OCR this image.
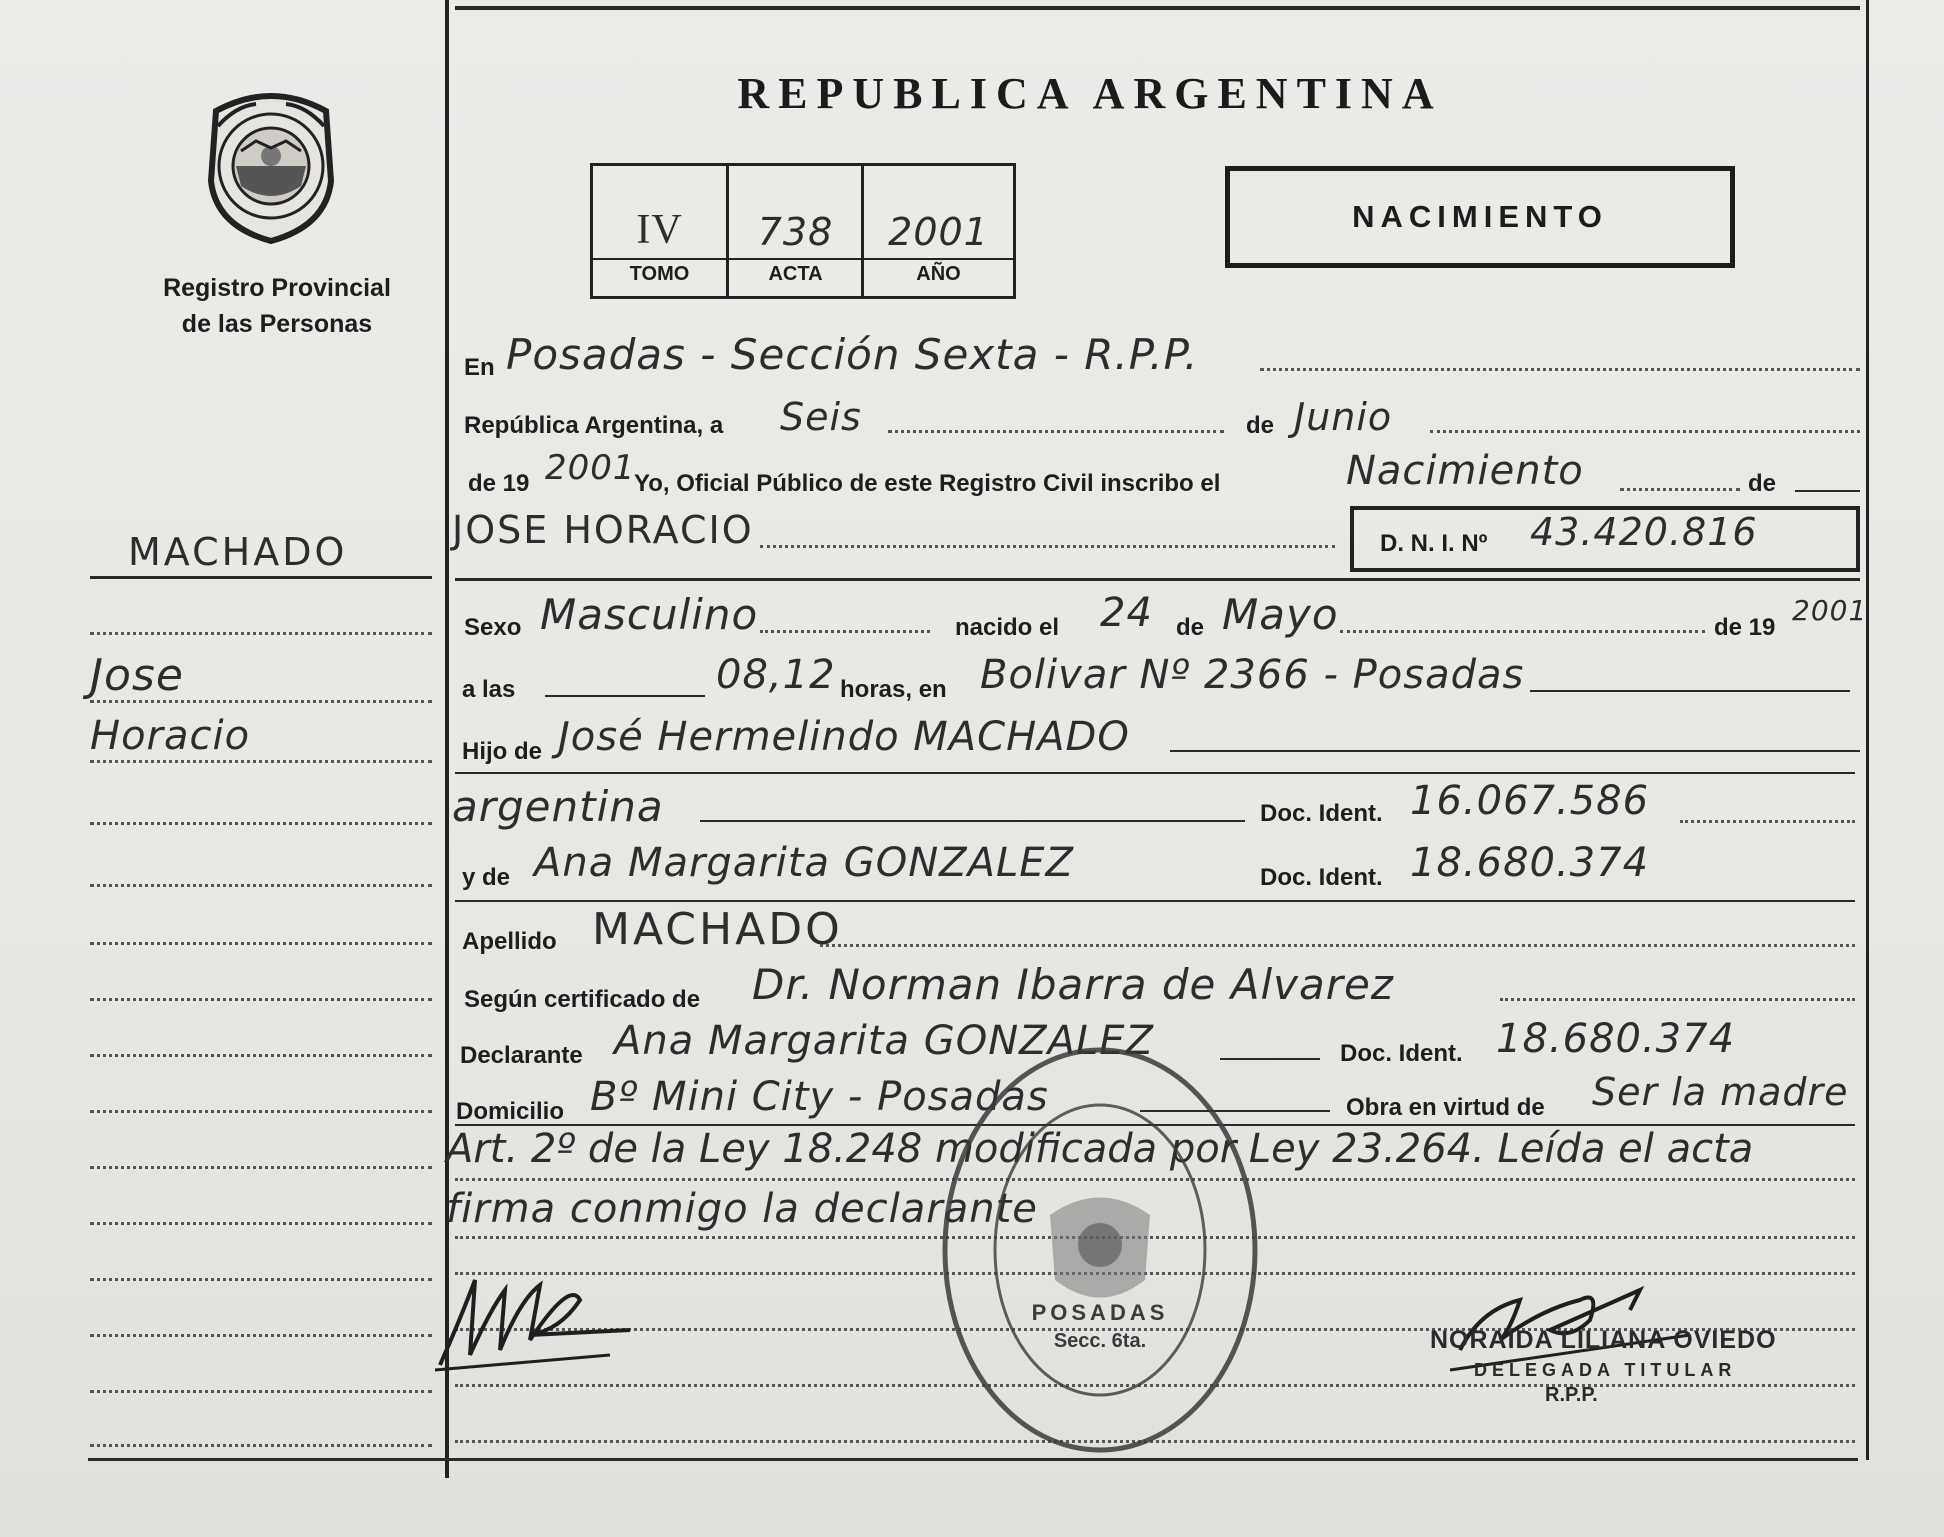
Registro Provincial
de las Personas
REPUBLICA ARGENTINA
IV	738	2001
TOMO	ACTA	AÑO
NACIMIENTO
MACHADO
Jose
Horacio
En Posadas - Sección Sexta - R.P.P.
República Argentina, a Seis	de Junio
de 19 2001
Yo, Oficial Público de este Registro Civil inscribo el	Nacimiento	de
JOSE HORACIO	D. N. I. Nº 43.420.816
Sexo Masculino	nacido el 24 de Mayo	de 19
2001
a las	08,12 horas, en Bolivar Nº 2366 - Posadas
Hijo de José Hermelindo MACHADO
argentina	Doc. Ident. 16.067.586
y de Ana Margarita GONZALEZ	Doc. Ident. 18.680.374
Apellido MACHADO
Según certificado de Dr. Norman Ibarra de Alvarez
Declarante Ana Margarita GONZALEZ	Doc. Ident. 18.680.374
Domicilio Bº Mini City - Posadas	Obra en virtud de Ser la madre
Art. 2º de la Ley 18.248 modificada por Ley 23.264. Leída el acta
firma conmigo la declarante
POSADAS
Secc. 6ta.	NORAIDA LILIANA OVIEDO
DELEGADA TITULAR
R.P.P.
